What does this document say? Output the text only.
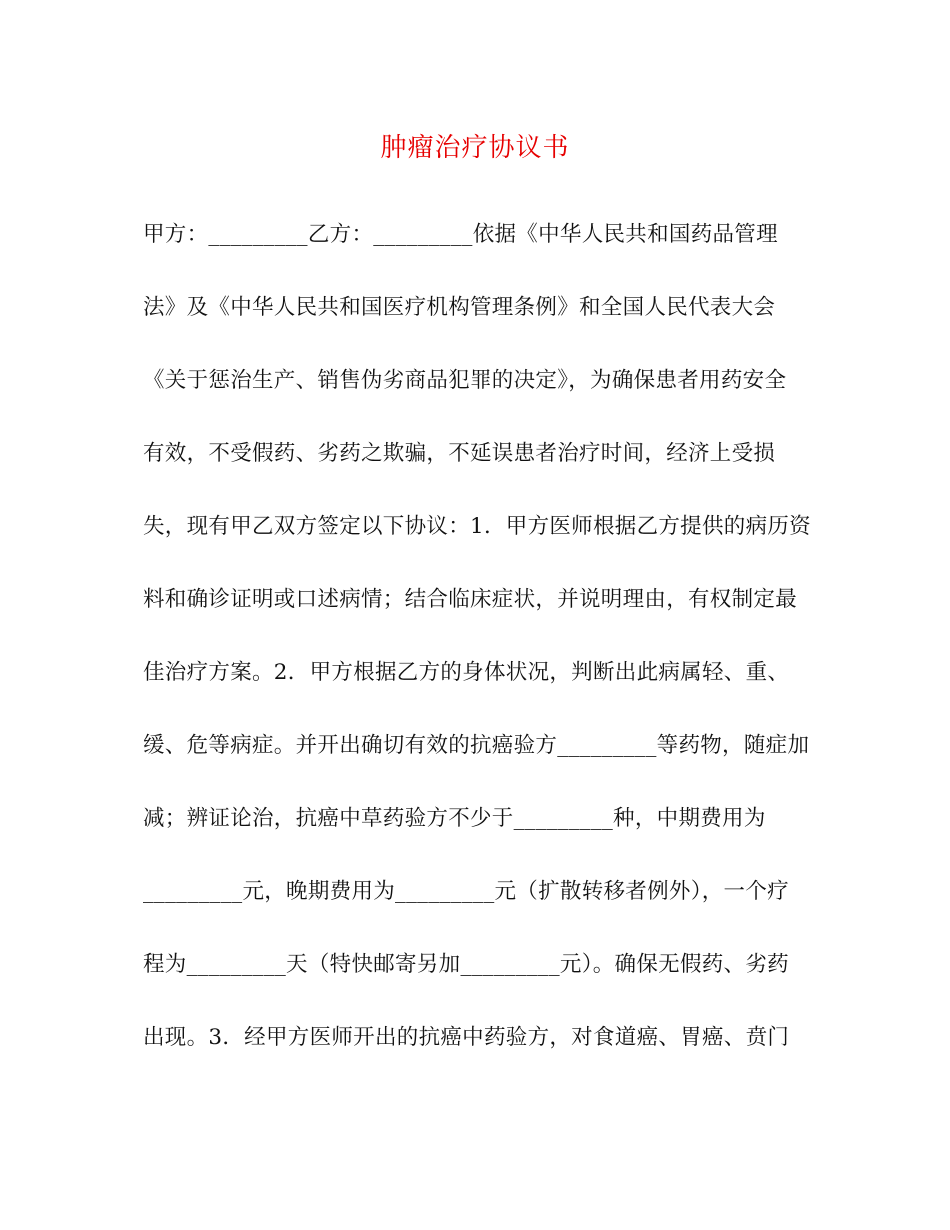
肿瘤治疗协议书
甲方：_________乙方：_________依据《中华人民共和国药品管理
法》及《中华人民共和国医疗机构管理条例》和全国人民代表大会
《关于惩治生产、销售伪劣商品犯罪的决定》，为确保患者用药安全
有效，不受假药、劣药之欺骗，不延误患者治疗时间，经济上受损
失，现有甲乙双方签定以下协议：1．甲方医师根据乙方提供的病历资
料和确诊证明或口述病情；结合临床症状，并说明理由，有权制定最
佳治疗方案。2．甲方根据乙方的身体状况，判断出此病属轻、重、
缓、危等病症。并开出确切有效的抗癌验方_________等药物，随症加
减；辨证论治，抗癌中草药验方不少于_________种，中期费用为
_________元，晚期费用为_________元（扩散转移者例外），一个疗
程为_________天（特快邮寄另加_________元）。确保无假药、劣药
出现。3．经甲方医师开出的抗癌中药验方，对食道癌、胃癌、贲门
